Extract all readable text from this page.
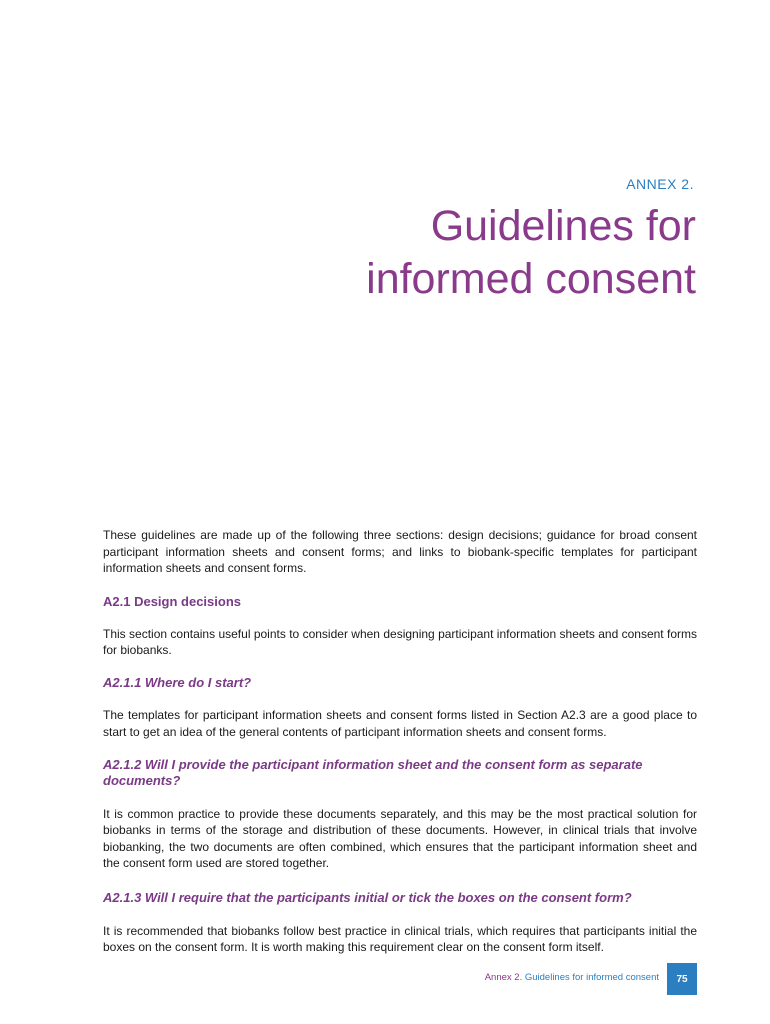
ANNEX 2.
Guidelines for
informed consent

These guidelines are made up of the following three sections: design decisions; guidance for broad consent participant information sheets and consent forms; and links to biobank-specific templates for participant information sheets and consent forms.

A2.1 Design decisions

This section contains useful points to consider when designing participant information sheets and consent forms for biobanks.

A2.1.1 Where do I start?

The templates for participant information sheets and consent forms listed in Section A2.3 are a good place to start to get an idea of the general contents of participant information sheets and consent forms.

A2.1.2 Will I provide the participant information sheet and the consent form as separate documents?

It is common practice to provide these documents separately, and this may be the most practical solution for biobanks in terms of the storage and distribution of these documents. However, in clinical trials that involve biobanking, the two documents are often combined, which ensures that the participant information sheet and the consent form used are stored together.

A2.1.3 Will I require that the participants initial or tick the boxes on the consent form?

It is recommended that biobanks follow best practice in clinical trials, which requires that participants initial the boxes on the consent form. It is worth making this requirement clear on the consent form itself.

Annex 2. Guidelines for informed consent	75
